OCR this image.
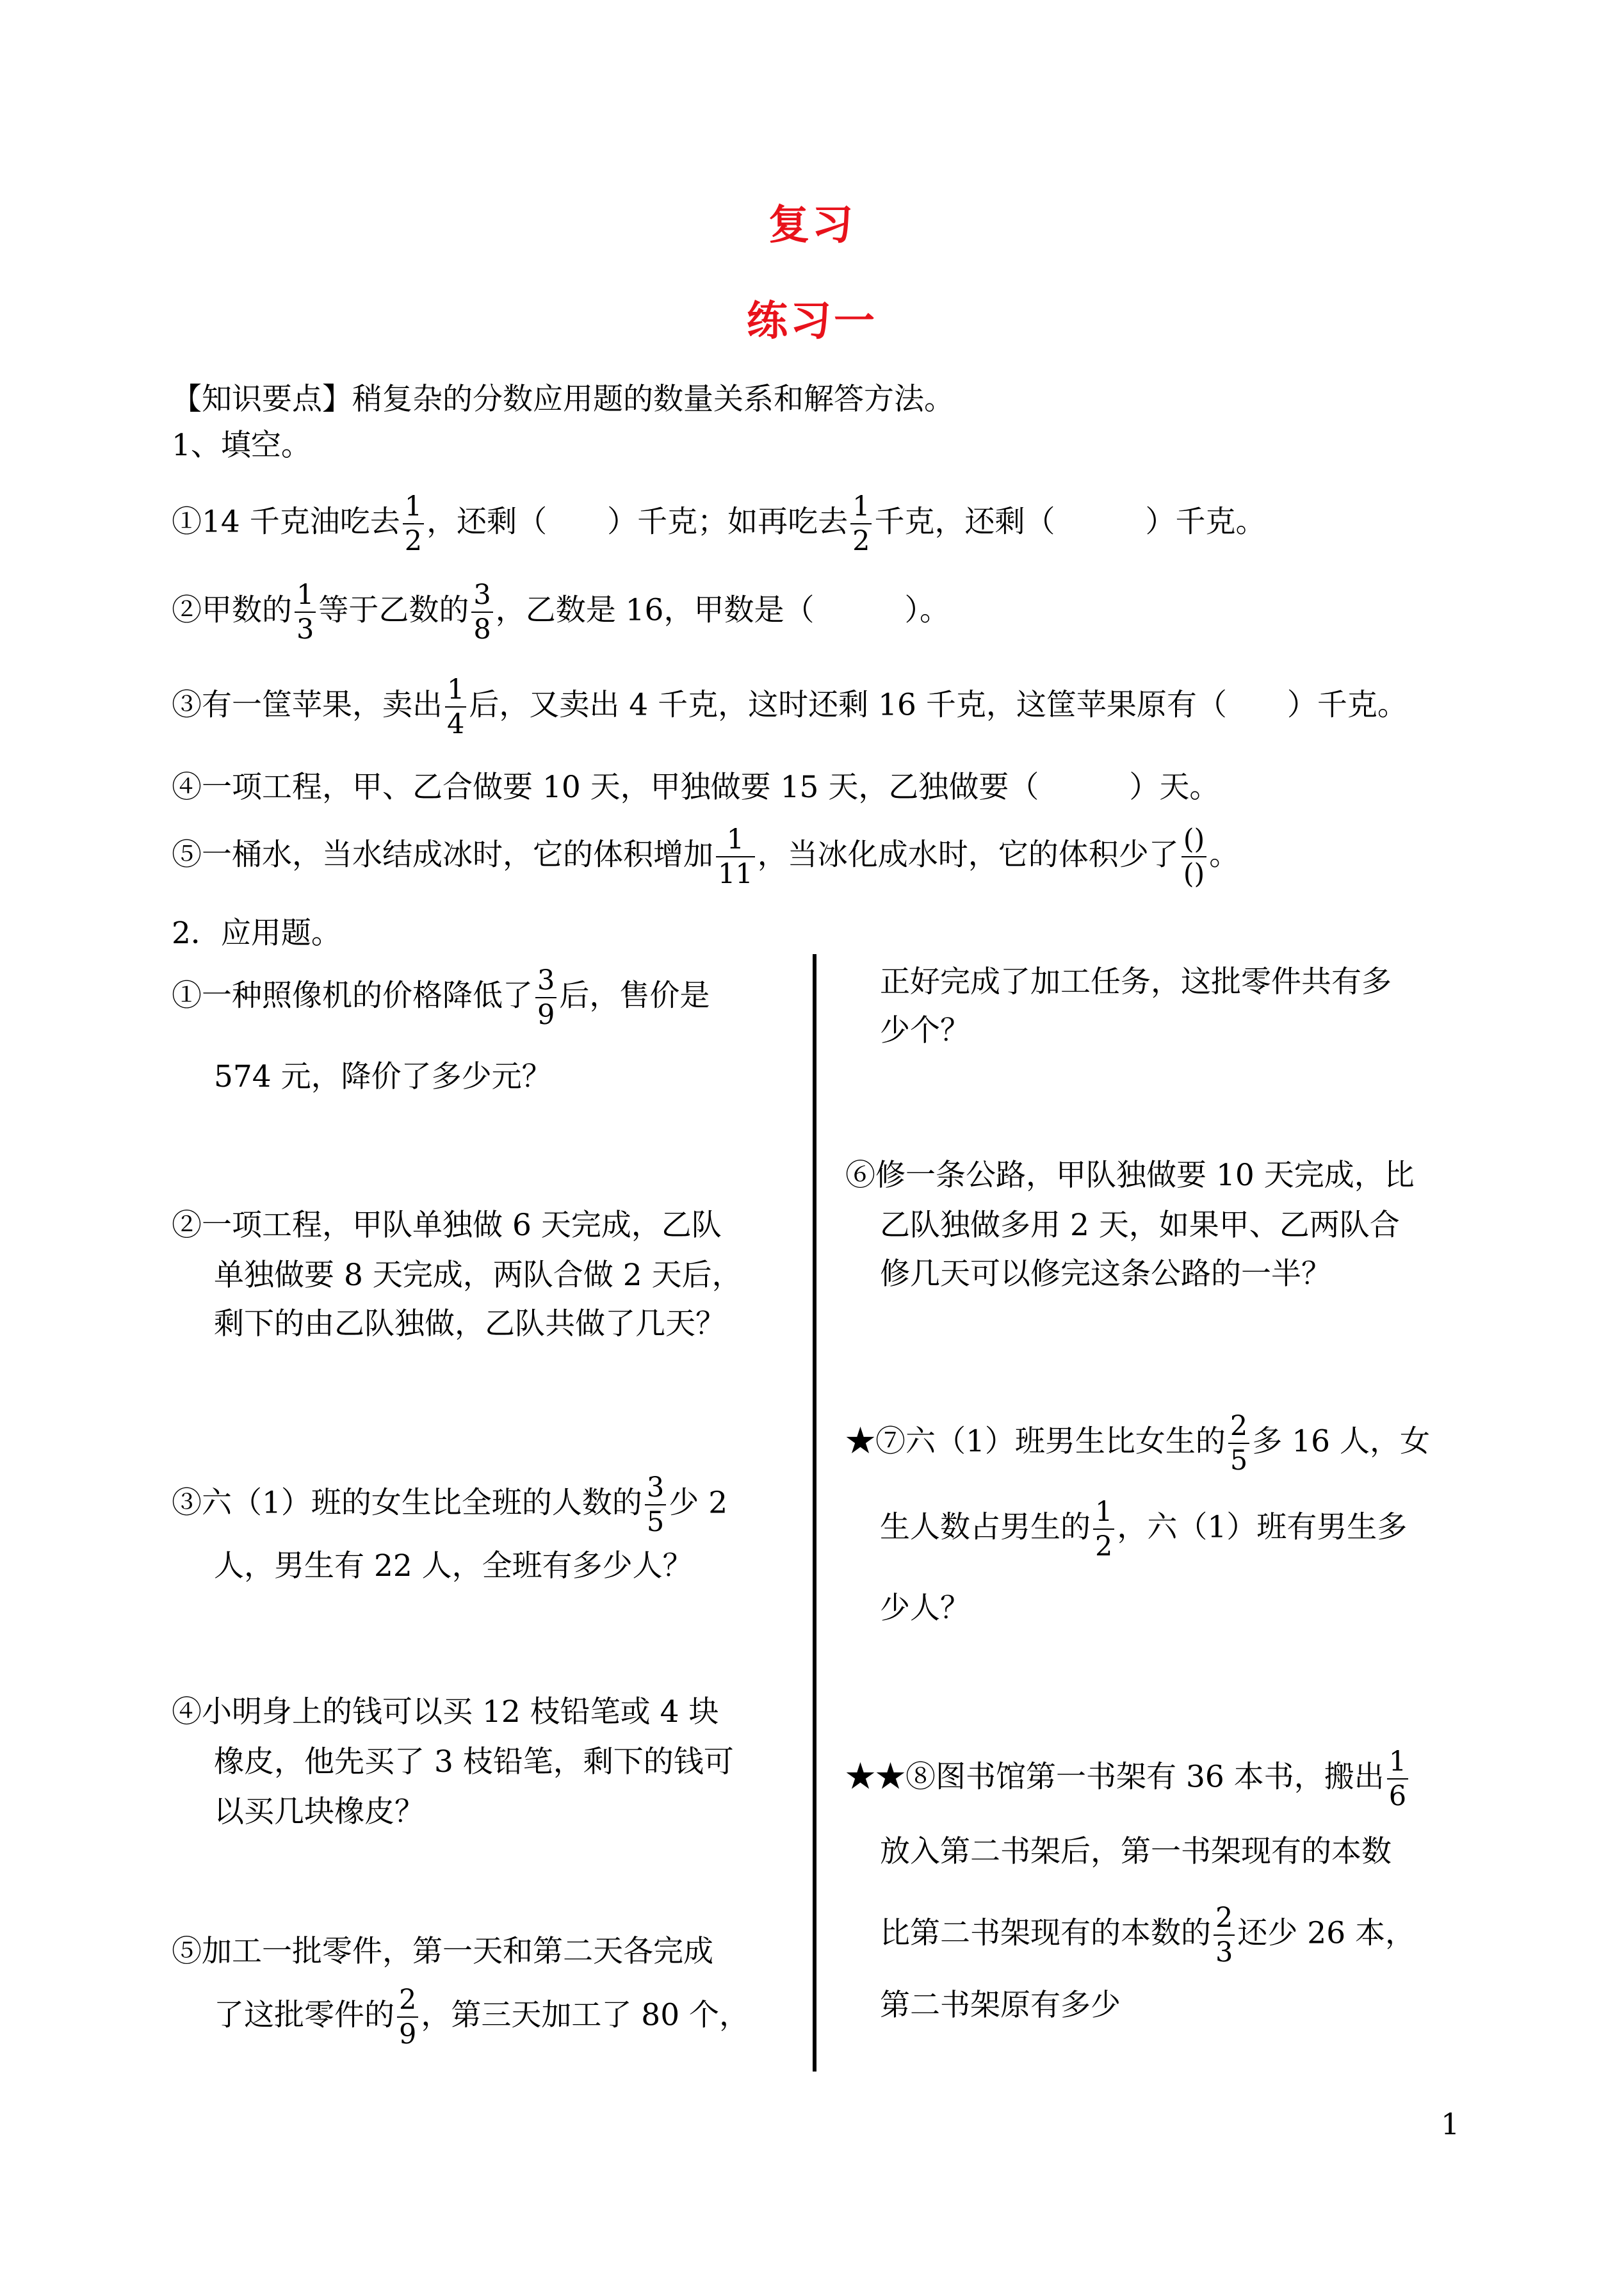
复习
练习一
【知识要点】稍复杂的分数应用题的数量关系和解答方法。
1、填空。
①14 千克油吃去 $\frac{1}{2}$ ，还剩（　　）千克；如再吃去 $\frac{1}{2}$ 千克，还剩（　　　）千克。
②甲数的 $\frac{1}{3}$ 等于乙数的 $\frac{3}{8}$ ，乙数是 16，甲数是（　　　）。
③有一筐苹果，卖出 $\frac{1}{4}$ 后，又卖出 4 千克，这时还剩 16 千克，这筐苹果原有（　　）千克。
④一项工程，甲、乙合做要 10 天，甲独做要 15 天，乙独做要（　　　）天。
⑤一桶水，当水结成冰时，它的体积增加 $\frac{1}{11}$ ，当冰化成水时，它的体积少了 $\frac{()}{()}$ 。
2．应用题。
①一种照像机的价格降低了 $\frac{3}{9}$ 后，售价是
574 元，降价了多少元？
②一项工程，甲队单独做 6 天完成，乙队
单独做要 8 天完成，两队合做 2 天后，
剩下的由乙队独做，乙队共做了几天？
③六（1）班的女生比全班的人数的 $\frac{3}{5}$ 少 2
人，男生有 22 人，全班有多少人？
④小明身上的钱可以买 12 枝铅笔或 4 块
橡皮，他先买了 3 枝铅笔，剩下的钱可
以买几块橡皮？
⑤加工一批零件，第一天和第二天各完成
了这批零件的 $\frac{2}{9}$ ，第三天加工了 80 个，
正好完成了加工任务，这批零件共有多
少个？
⑥修一条公路，甲队独做要 10 天完成，比
乙队独做多用 2 天，如果甲、乙两队合
修几天可以修完这条公路的一半？
★⑦六（1）班男生比女生的 $\frac{2}{5}$ 多 16 人，女
生人数占男生的 $\frac{1}{2}$ ，六（1）班有男生多
少人？
★★⑧图书馆第一书架有 36 本书，搬出 $\frac{1}{6}$
放入第二书架后，第一书架现有的本数
比第二书架现有的本数的 $\frac{2}{3}$ 还少 26 本，
第二书架原有多少
1
